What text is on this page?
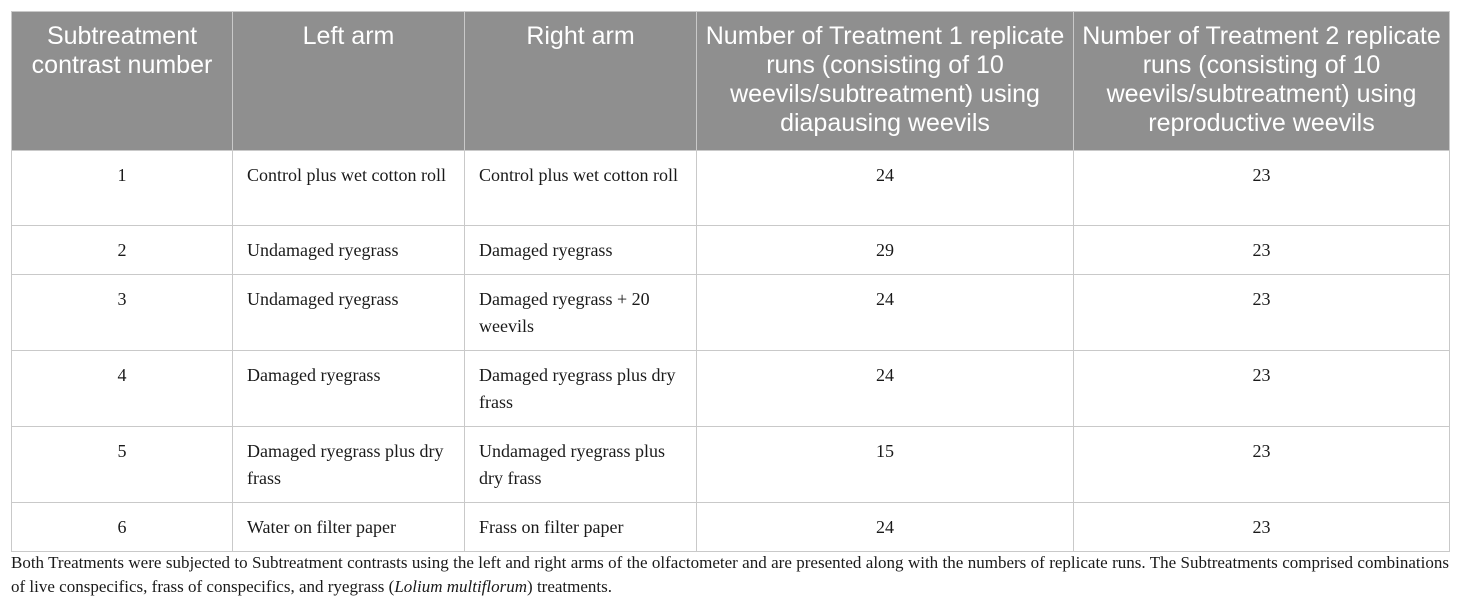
Subtreatment contrast number	Left arm	Right arm	Number of Treatment 1 replicate runs (consisting of 10 weevils/subtreatment) using diapausing weevils	Number of Treatment 2 replicate runs (consisting of 10 weevils/subtreatment) using reproductive weevils
1	Control plus wet cotton roll	Control plus wet cotton roll	24	23
2	Undamaged ryegrass	Damaged ryegrass	29	23
3	Undamaged ryegrass	Damaged ryegrass + 20 weevils	24	23
4	Damaged ryegrass	Damaged ryegrass plus dry frass	24	23
5	Damaged ryegrass plus dry frass	Undamaged ryegrass plus dry frass	15	23
6	Water on filter paper	Frass on filter paper	24	23
Both Treatments were subjected to Subtreatment contrasts using the left and right arms of the olfactometer and are presented along with the numbers of replicate runs. The Subtreatments comprised combinations of live conspecifics, frass of conspecifics, and ryegrass (Lolium multiflorum) treatments.
